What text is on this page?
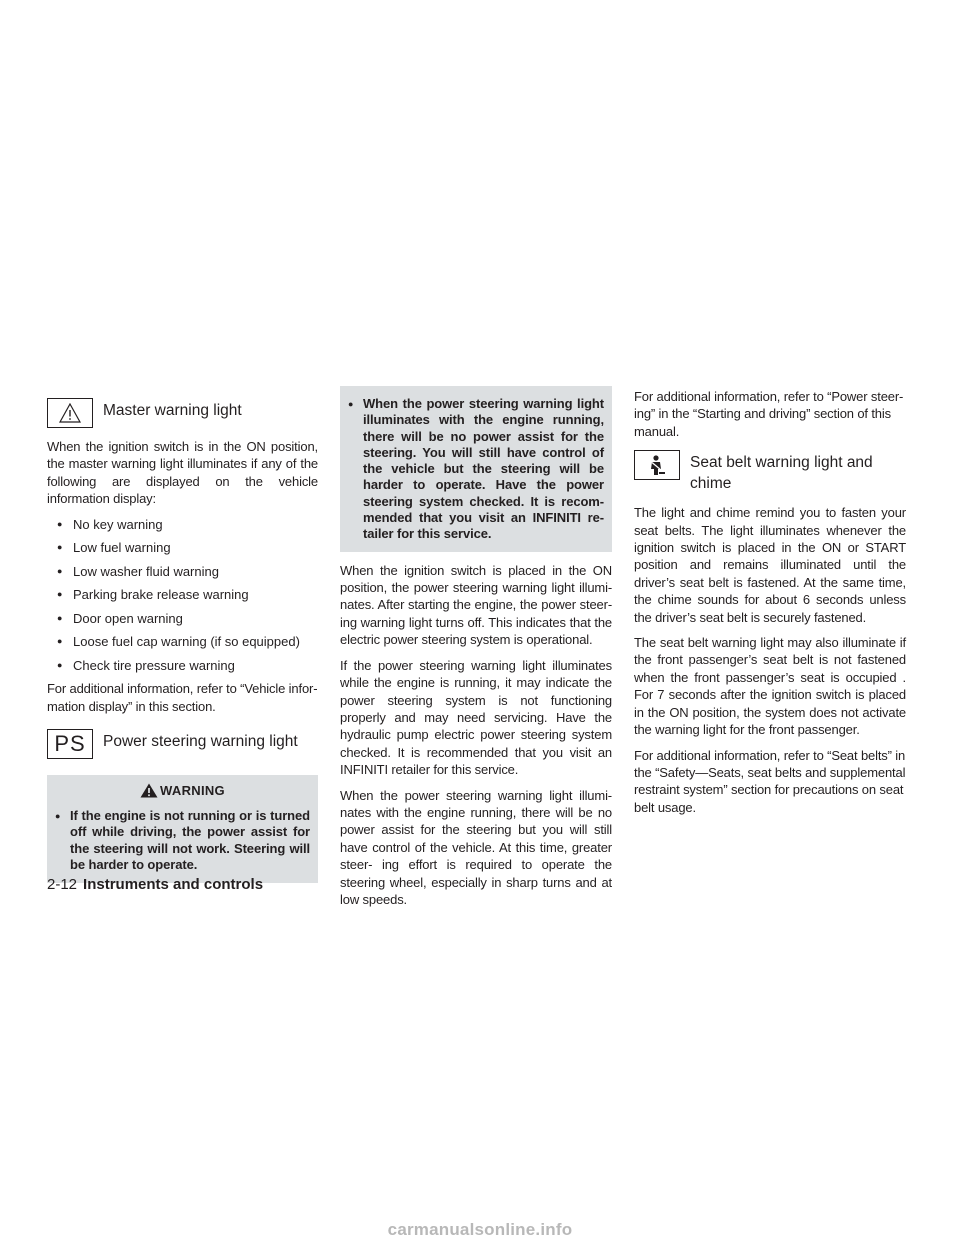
Master warning light

When the ignition switch is in the ON position, the master warning light illuminates if any of the following are displayed on the vehicle information display:

● No key warning
● Low fuel warning
● Low washer fluid warning
● Parking brake release warning
● Door open warning
● Loose fuel cap warning (if so equipped)
● Check tire pressure warning

For additional information, refer to “Vehicle infor- mation display” in this section.

PS Power steering warning light
WARNING
● If the engine is not running or is turned off while driving, the power assist for the steering will not work. Steering will be harder to operate.
● When the power steering warning light illuminates with the engine running, there will be no power assist for the steering. You will still have control of the vehicle but the steering will be harder to operate. Have the power steering system checked. It is recom- mended that you visit an INFINITI re- tailer for this service.

When the ignition switch is placed in the ON position, the power steering warning light illumi- nates. After starting the engine, the power steer- ing warning light turns off. This indicates that the electric power steering system is operational.

If the power steering warning light illuminates while the engine is running, it may indicate the power steering system is not functioning properly and may need servicing. Have the hydraulic pump electric power steering system checked. It is recommended that you visit an INFINITI retailer for this service.

When the power steering warning light illumi- nates with the engine running, there will be no power assist for the steering but you will still have control of the vehicle. At this time, greater steer- ing effort is required to operate the steering wheel, especially in sharp turns and at low speeds.

For additional information, refer to “Power steer- ing” in the “Starting and driving” section of this manual.

Seat belt warning light and chime

The light and chime remind you to fasten your seat belts. The light illuminates whenever the ignition switch is placed in the ON or START position and remains illuminated until the driver’s seat belt is fastened. At the same time, the chime sounds for about 6 seconds unless the driver’s seat belt is securely fastened.

The seat belt warning light may also illuminate if the front passenger’s seat belt is not fastened when the front passenger’s seat is occupied . For 7 seconds after the ignition switch is placed in the ON position, the system does not activate the warning light for the front passenger.

For additional information, refer to “Seat belts” in the “Safety—Seats, seat belts and supplemental restraint system” section for precautions on seat belt usage.

2-12 Instruments and controls
carmanualsonline.info
